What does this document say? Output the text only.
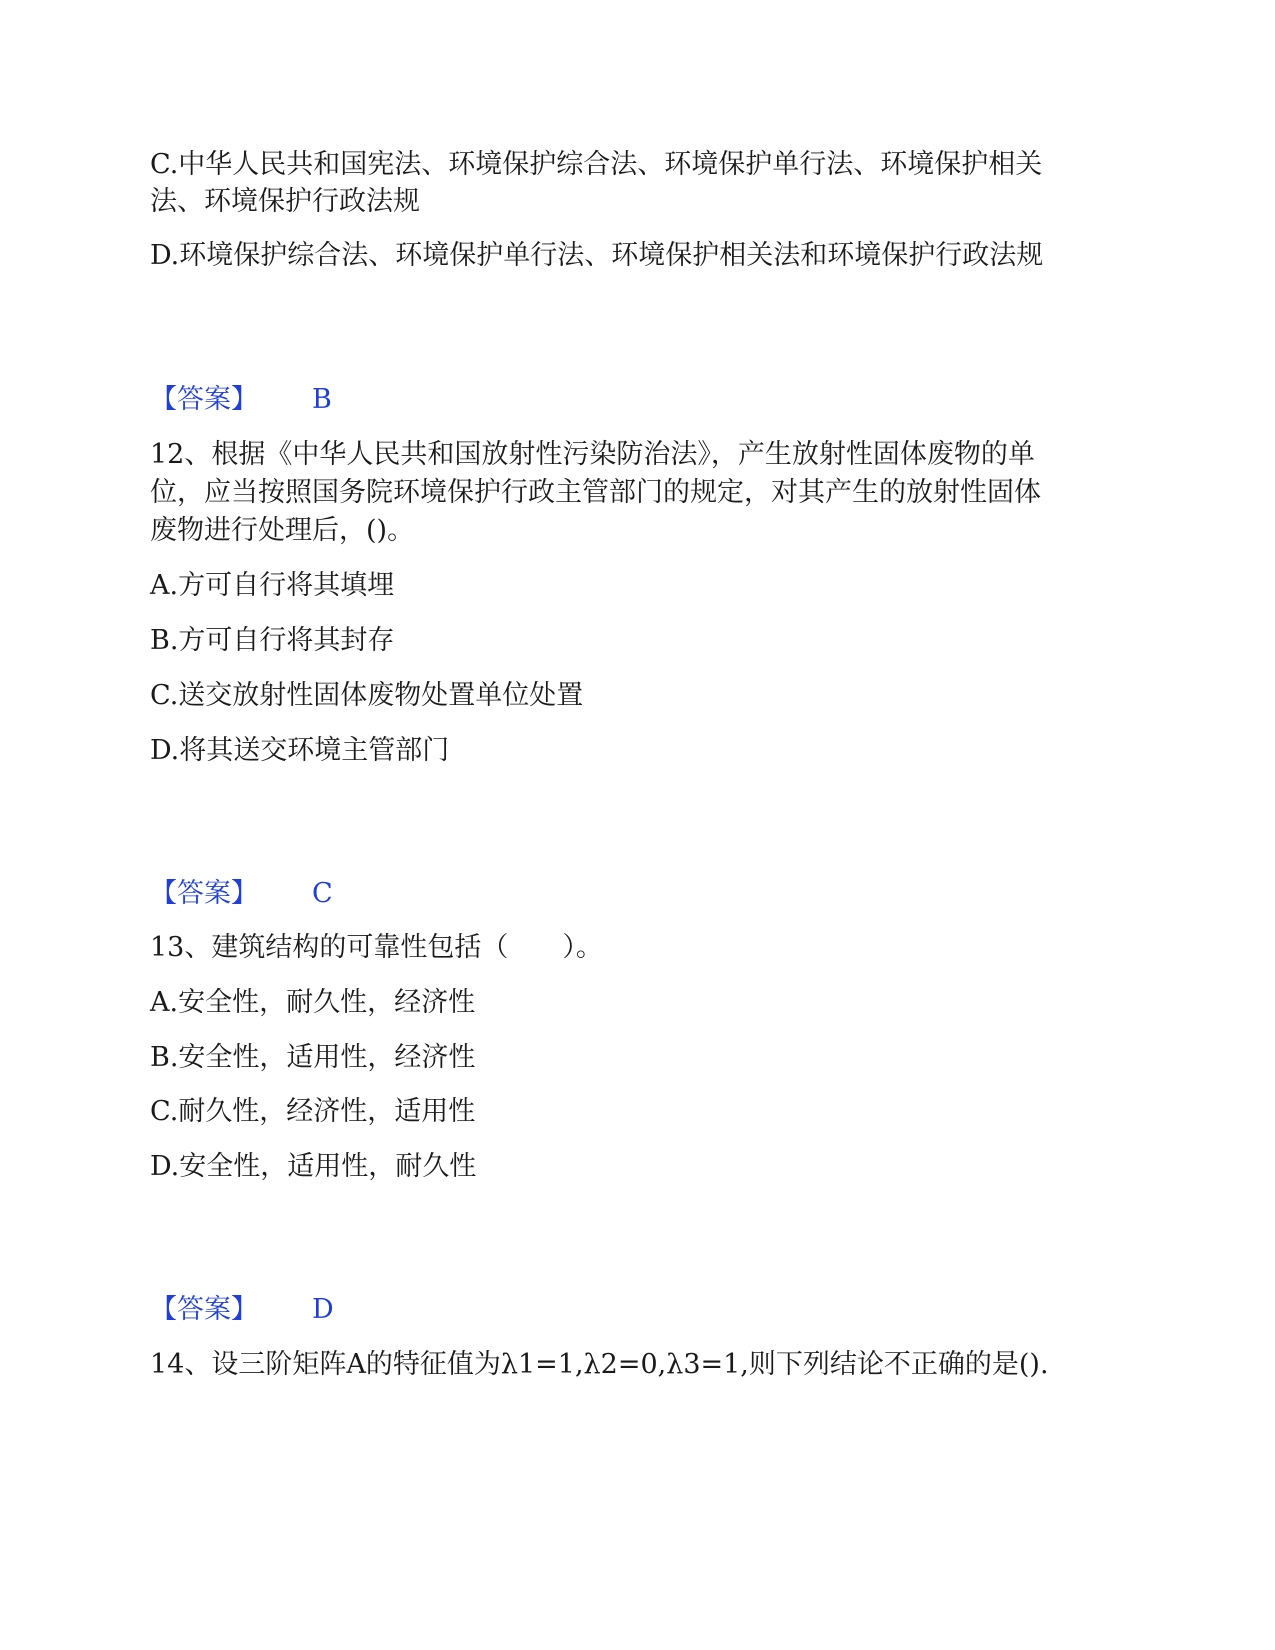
C.中华人民共和国宪法、环境保护综合法、环境保护单行法、环境保护相关
法、环境保护行政法规
D.环境保护综合法、环境保护单行法、环境保护相关法和环境保护行政法规
【答案】 B
12、根据《中华人民共和国放射性污染防治法》，产生放射性固体废物的单
位，应当按照国务院环境保护行政主管部门的规定，对其产生的放射性固体
废物进行处理后，()。
A.方可自行将其填埋
B.方可自行将其封存
C.送交放射性固体废物处置单位处置
D.将其送交环境主管部门
【答案】 C
13、建筑结构的可靠性包括（　　）。
A.安全性，耐久性，经济性
B.安全性，适用性，经济性
C.耐久性，经济性，适用性
D.安全性，适用性，耐久性
【答案】 D
14、设三阶矩阵A的特征值为λ1=1,λ2=0,λ3=1,则下列结论不正确的是().
